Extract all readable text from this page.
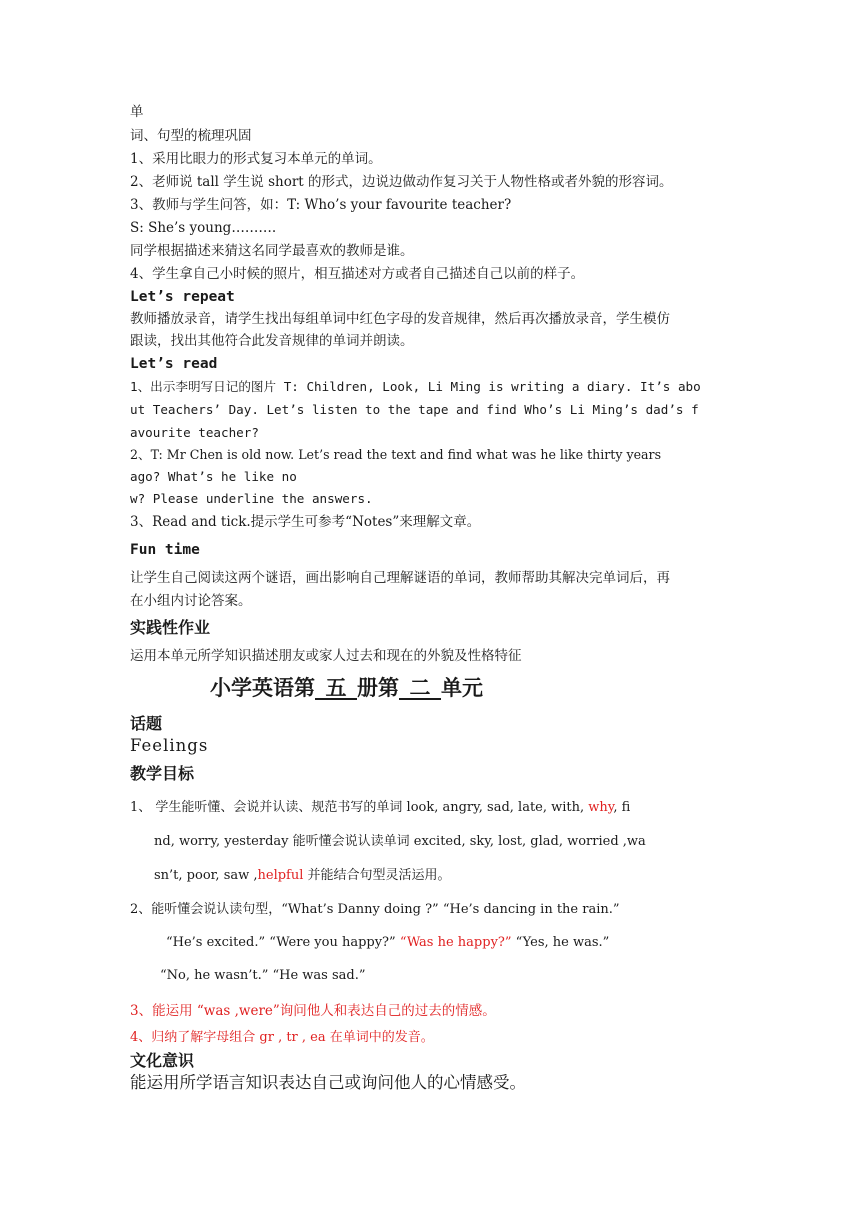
单
词、句型的梳理巩固
1、采用比眼力的形式复习本单元的单词。
2、老师说 tall 学生说 short 的形式，边说边做动作复习关于人物性格或者外貌的形容词。
3、教师与学生问答，如：T: Who’s your favourite teacher?
S: She’s young……….
同学根据描述来猜这名同学最喜欢的教师是谁。
4、学生拿自己小时候的照片，相互描述对方或者自己描述自己以前的样子。
Let’s repeat
教师播放录音，请学生找出每组单词中红色字母的发音规律，然后再次播放录音，学生模仿
跟读，找出其他符合此发音规律的单词并朗读。
Let’s read
1、出示李明写日记的图片 T: Children, Look, Li Ming is writing a diary. It’s abo
ut Teachers’ Day. Let’s listen to the tape and find Who’s Li Ming’s dad’s f
avourite teacher?
2、T: Mr Chen is old now. Let’s read the text and find what was he like thirty years
ago? What’s he like no
w? Please underline the answers.
3、Read and tick.提示学生可参考“Notes”来理解文章。
Fun time
让学生自己阅读这两个谜语，画出影响自己理解谜语的单词，教师帮助其解决完单词后，再
在小组内讨论答案。
实践性作业
运用本单元所学知识描述朋友或家人过去和现在的外貌及性格特征
小学英语第_五_册第_二_单元
话题
Feelings
教学目标
1、 学生能听懂、会说并认读、规范书写的单词 look, angry, sad, late, with, why, fi
nd, worry, yesterday 能听懂会说认读单词 excited, sky, lost, glad, worried ,wa
sn’t, poor, saw ,helpful 并能结合句型灵活运用。
2、能听懂会说认读句型，“What’s Danny doing ?” “He’s dancing in the rain.”
“He’s excited.” “Were you happy?” “Was he happy?” “Yes, he was.”
“No, he wasn’t.” “He was sad.”
3、能运用 “was ,were”询问他人和表达自己的过去的情感。
4、归纳了解字母组合 gr , tr , ea 在单词中的发音。
文化意识
能运用所学语言知识表达自己或询问他人的心情感受。
